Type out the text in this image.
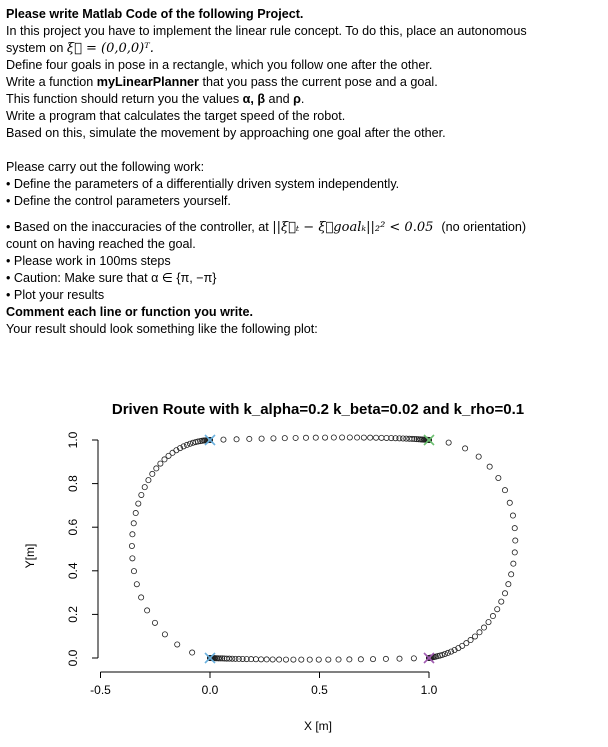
Please write Matlab Code of the following Project.
In this project you have to implement the linear rule concept. To do this, place an autonomous
system on ξ⃗ = (0,0,0)ᵀ.
Define four goals in pose in a rectangle, which you follow one after the other.
Write a function myLinearPlanner that you pass the current pose and a goal.
This function should return you the values α, β and ρ.
Write a program that calculates the target speed of the robot.
Based on this, simulate the movement by approaching one goal after the other.
Please carry out the following work:
• Define the parameters of a differentially driven system independently.
• Define the control parameters yourself.
• Based on the inaccuracies of the controller, at
||ξ⃗ₜ − ξ⃗goalₖ||₂² < 0.05 (no orientation)
count on having reached the goal.
• Please work in 100ms steps
• Caution: Make sure that α ∈ {π, −π}
• Plot your results
Comment each line or function you write.
Your result should look something like the following plot:
Driven Route with k_alpha=0.2 k_beta=0.02 and k_rho=0.1
Y[m]
X [m]
0.0
0.2
0.4
0.6
0.8
1.0
-0.5	0.0	0.5	1.0
